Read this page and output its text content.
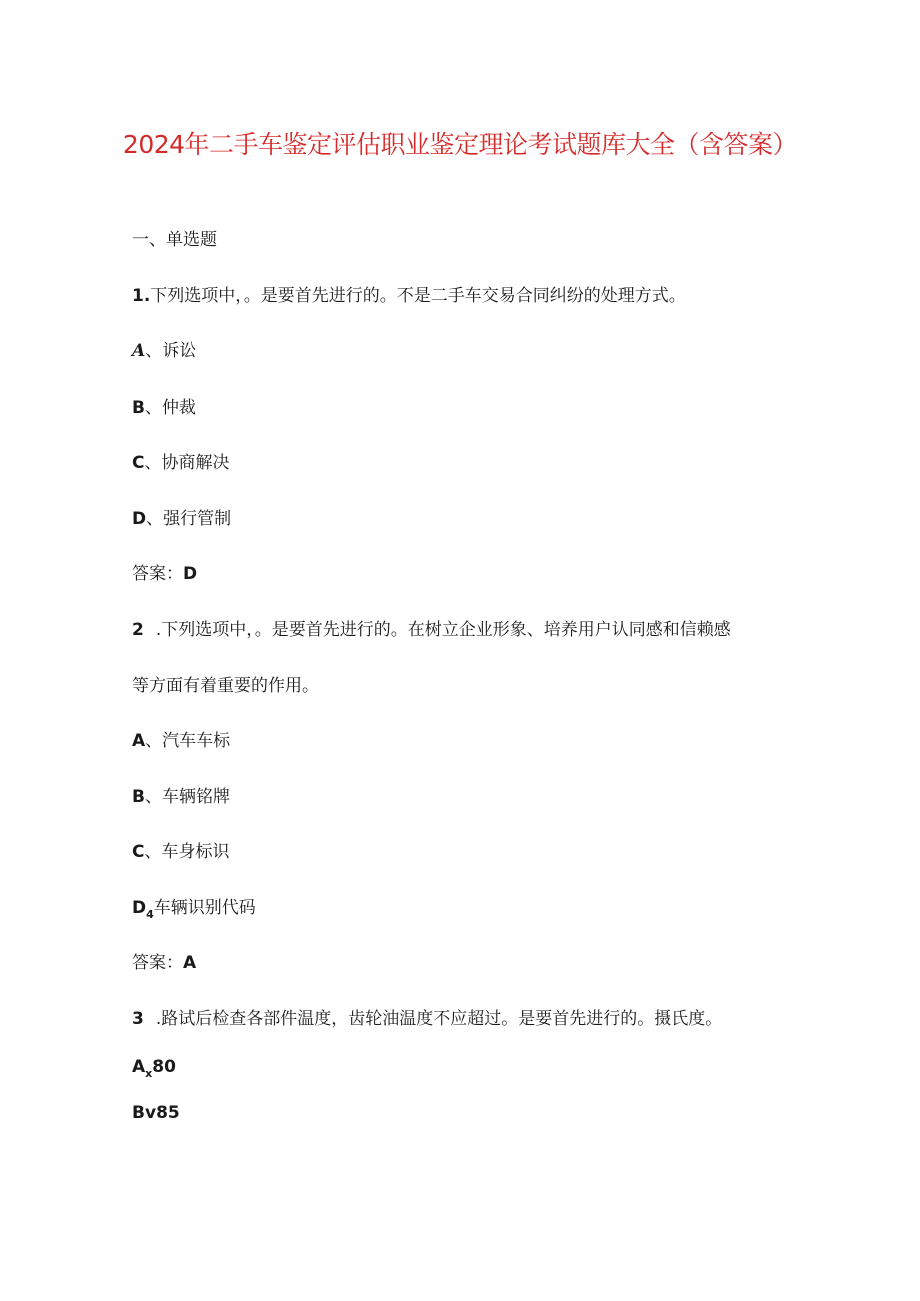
2024年二手车鉴定评估职业鉴定理论考试题库大全（含答案）
一、单选题
1.下列选项中，。是要首先进行的。不是二手车交易合同纠纷的处理方式。
A、诉讼
B、仲裁
C、协商解决
D、强行管制
答案：D
2 .下列选项中，。是要首先进行的。在树立企业形象、培养用户认同感和信赖感
等方面有着重要的作用。
A、汽车车标
B、车辆铭牌
C、车身标识
$D_4$车辆识别代码
答案：A
3 .路试后检查各部件温度，齿轮油温度不应超过。是要首先进行的。摄氏度。
$A_x80$
Bv85
